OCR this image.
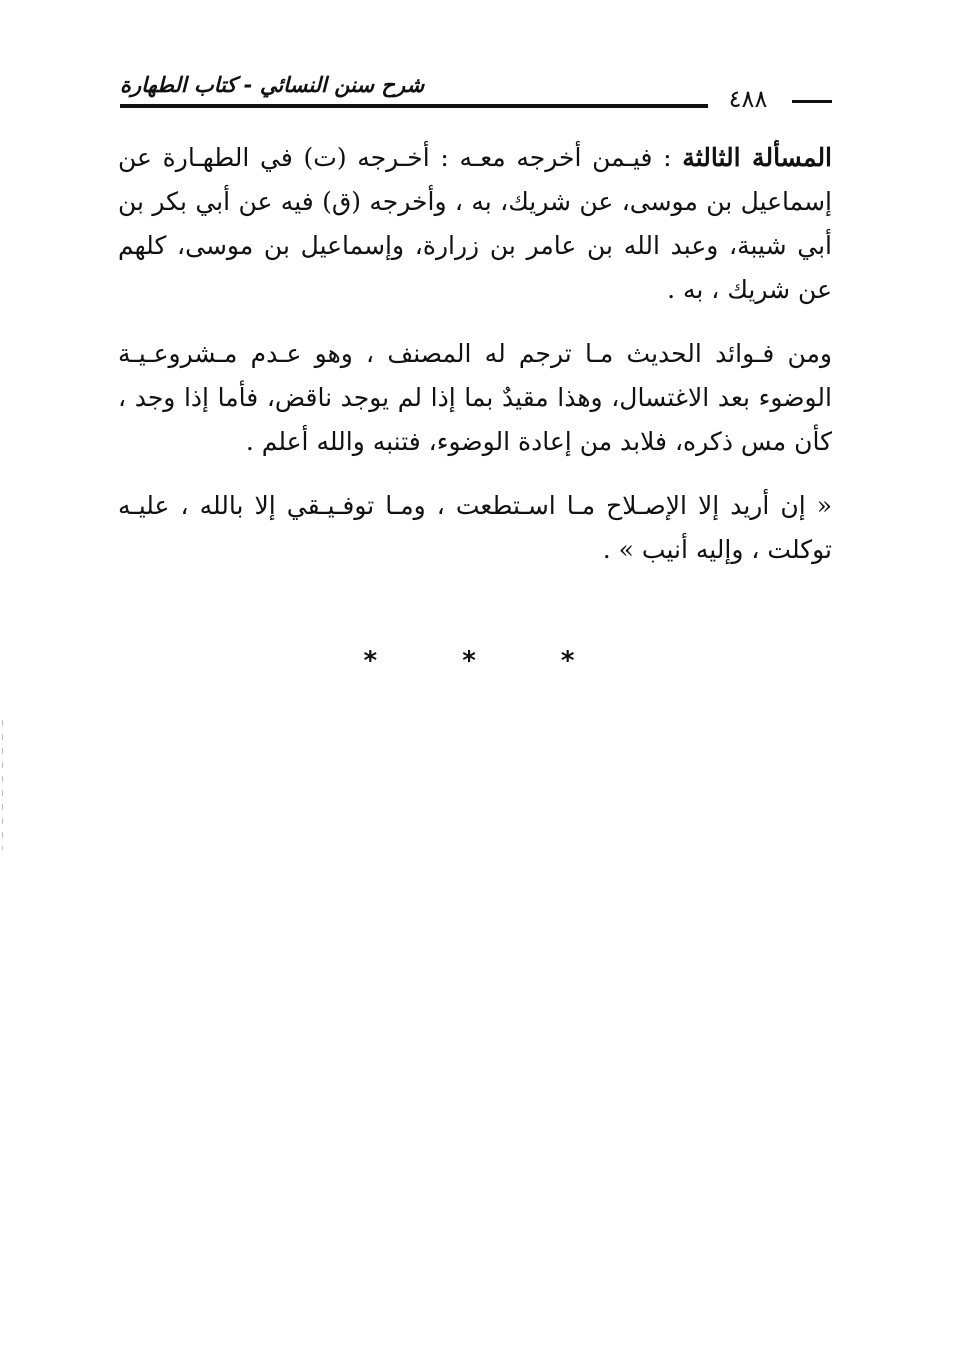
شرح سنن النسائي - كتاب الطهارة	٤٨٨
المسألة الثالثة : فيـمن أخرجه معـه : أخـرجه (ت) في الطهـارة عن إسماعيل بن موسى، عن شريك، به ، وأخرجه (ق) فيه عن أبي بكر بن أبي شيبة، وعبد الله بن عامر بن زرارة، وإسماعيل بن موسى، كلهم عن شريك ، به .
ومن فـوائد الحديث مـا ترجم له المصنف ، وهو عـدم مـشروعـيـة الوضوء بعد الاغتسال، وهذا مقيدٌ بما إذا لم يوجد ناقض، فأما إذا وجد ، كأن مس ذكره، فلابد من إعادة الوضوء، فتنبه والله أعلم .
« إن أريد إلا الإصـلاح مـا اسـتطعت ، ومـا توفـيـقي إلا بالله ، عليـه توكلت ، وإليه أنيب » .
* * *
